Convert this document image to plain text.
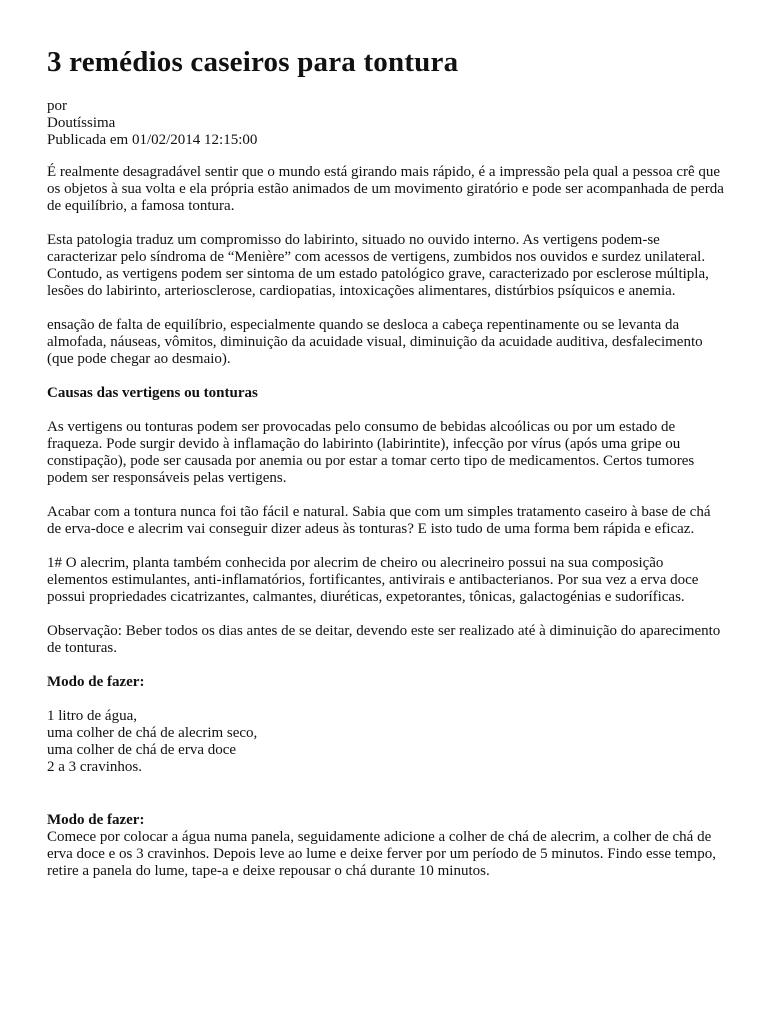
3 remédios caseiros para tontura
por
Doutíssima
Publicada em 01/02/2014 12:15:00

É realmente desagradável sentir que o mundo está girando mais rápido, é a impressão pela qual a pessoa crê que os objetos à sua volta e ela própria estão animados de um movimento giratório e pode ser acompanhada de perda de equilíbrio, a famosa tontura.

Esta patologia traduz um compromisso do labirinto, situado no ouvido interno. As vertigens podem-se caracterizar pelo síndroma de “Menière” com acessos de vertigens, zumbidos nos ouvidos e surdez unilateral. Contudo, as vertigens podem ser sintoma de um estado patológico grave, caracterizado por esclerose múltipla, lesões do labirinto, arteriosclerose, cardiopatias, intoxicações alimentares, distúrbios psíquicos e anemia.

ensação de falta de equilíbrio, especialmente quando se desloca a cabeça repentinamente ou se levanta da almofada, náuseas, vômitos, diminuição da acuidade visual, diminuição da acuidade auditiva, desfalecimento (que pode chegar ao desmaio).

Causas das vertigens ou tonturas

As vertigens ou tonturas podem ser provocadas pelo consumo de bebidas alcoólicas ou por um estado de fraqueza. Pode surgir devido à inflamação do labirinto (labirintite), infecção por vírus (após uma gripe ou constipação), pode ser causada por anemia ou por estar a tomar certo tipo de medicamentos. Certos tumores podem ser responsáveis pelas vertigens.

Acabar com a tontura nunca foi tão fácil e natural. Sabia que com um simples tratamento caseiro à base de chá de erva-doce e alecrim vai conseguir dizer adeus às tonturas? E isto tudo de uma forma bem rápida e eficaz.

1# O alecrim, planta também conhecida por alecrim de cheiro ou alecrineiro possui na sua composição elementos estimulantes, anti-inflamatórios, fortificantes, antivirais e antibacterianos. Por sua vez a erva doce possui propriedades cicatrizantes, calmantes, diuréticas, expetorantes, tônicas, galactogénias e sudoríficas.

Observação: Beber todos os dias antes de se deitar, devendo este ser realizado até à diminuição do aparecimento de tonturas.

Modo de fazer:

1 litro de água,
uma colher de chá de alecrim seco,
uma colher de chá de erva doce
2 a 3 cravinhos.
Modo de fazer:

Comece por colocar a água numa panela, seguidamente adicione a colher de chá de alecrim, a colher de chá de erva doce e os 3 cravinhos. Depois leve ao lume e deixe ferver por um período de 5 minutos. Findo esse tempo, retire a panela do lume, tape-a e deixe repousar o chá durante 10 minutos.
